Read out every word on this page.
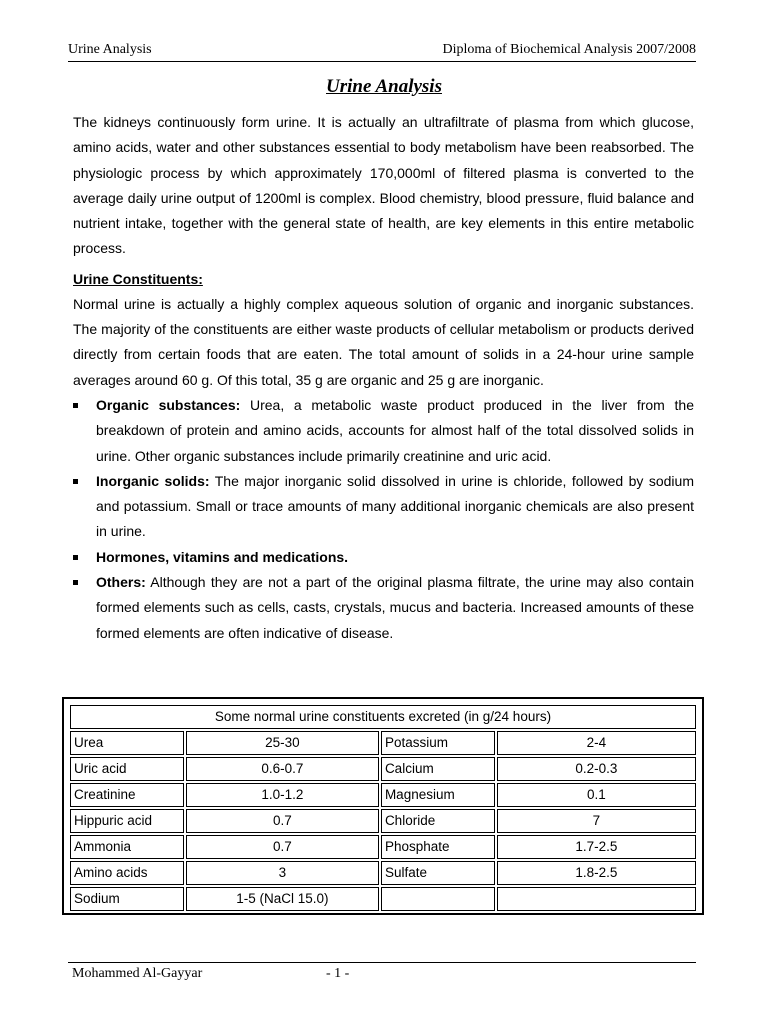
Urine Analysis	Diploma of Biochemical Analysis 2007/2008
Urine Analysis

The kidneys continuously form urine. It is actually an ultrafiltrate of plasma from which glucose, amino acids, water and other substances essential to body metabolism have been reabsorbed. The physiologic process by which approximately 170,000ml of filtered plasma is converted to the average daily urine output of 1200ml is complex. Blood chemistry, blood pressure, fluid balance and nutrient intake, together with the general state of health, are key elements in this entire metabolic process.

Urine Constituents:

Normal urine is actually a highly complex aqueous solution of organic and inorganic substances. The majority of the constituents are either waste products of cellular metabolism or products derived directly from certain foods that are eaten. The total amount of solids in a 24-hour urine sample averages around 60 g. Of this total, 35 g are organic and 25 g are inorganic.

Organic substances: Urea, a metabolic waste product produced in the liver from the breakdown of protein and amino acids, accounts for almost half of the total dissolved solids in urine. Other organic substances include primarily creatinine and uric acid.
Inorganic solids: The major inorganic solid dissolved in urine is chloride, followed by sodium and potassium. Small or trace amounts of many additional inorganic chemicals are also present in urine.
Hormones, vitamins and medications.
Others: Although they are not a part of the original plasma filtrate, the urine may also contain formed elements such as cells, casts, crystals, mucus and bacteria. Increased amounts of these formed elements are often indicative of disease.
Some normal urine constituents excreted (in g/24 hours)			
Urea	25-30	Potassium	2-4
Uric acid	0.6-0.7	Calcium	0.2-0.3
Creatinine	1.0-1.2	Magnesium	0.1
Hippuric acid	0.7	Chloride	7
Ammonia	0.7	Phosphate	1.7-2.5
Amino acids	3	Sulfate	1.8-2.5
Sodium	1-5 (NaCl 15.0)		
Mohammed Al-Gayyar	- 1 -
